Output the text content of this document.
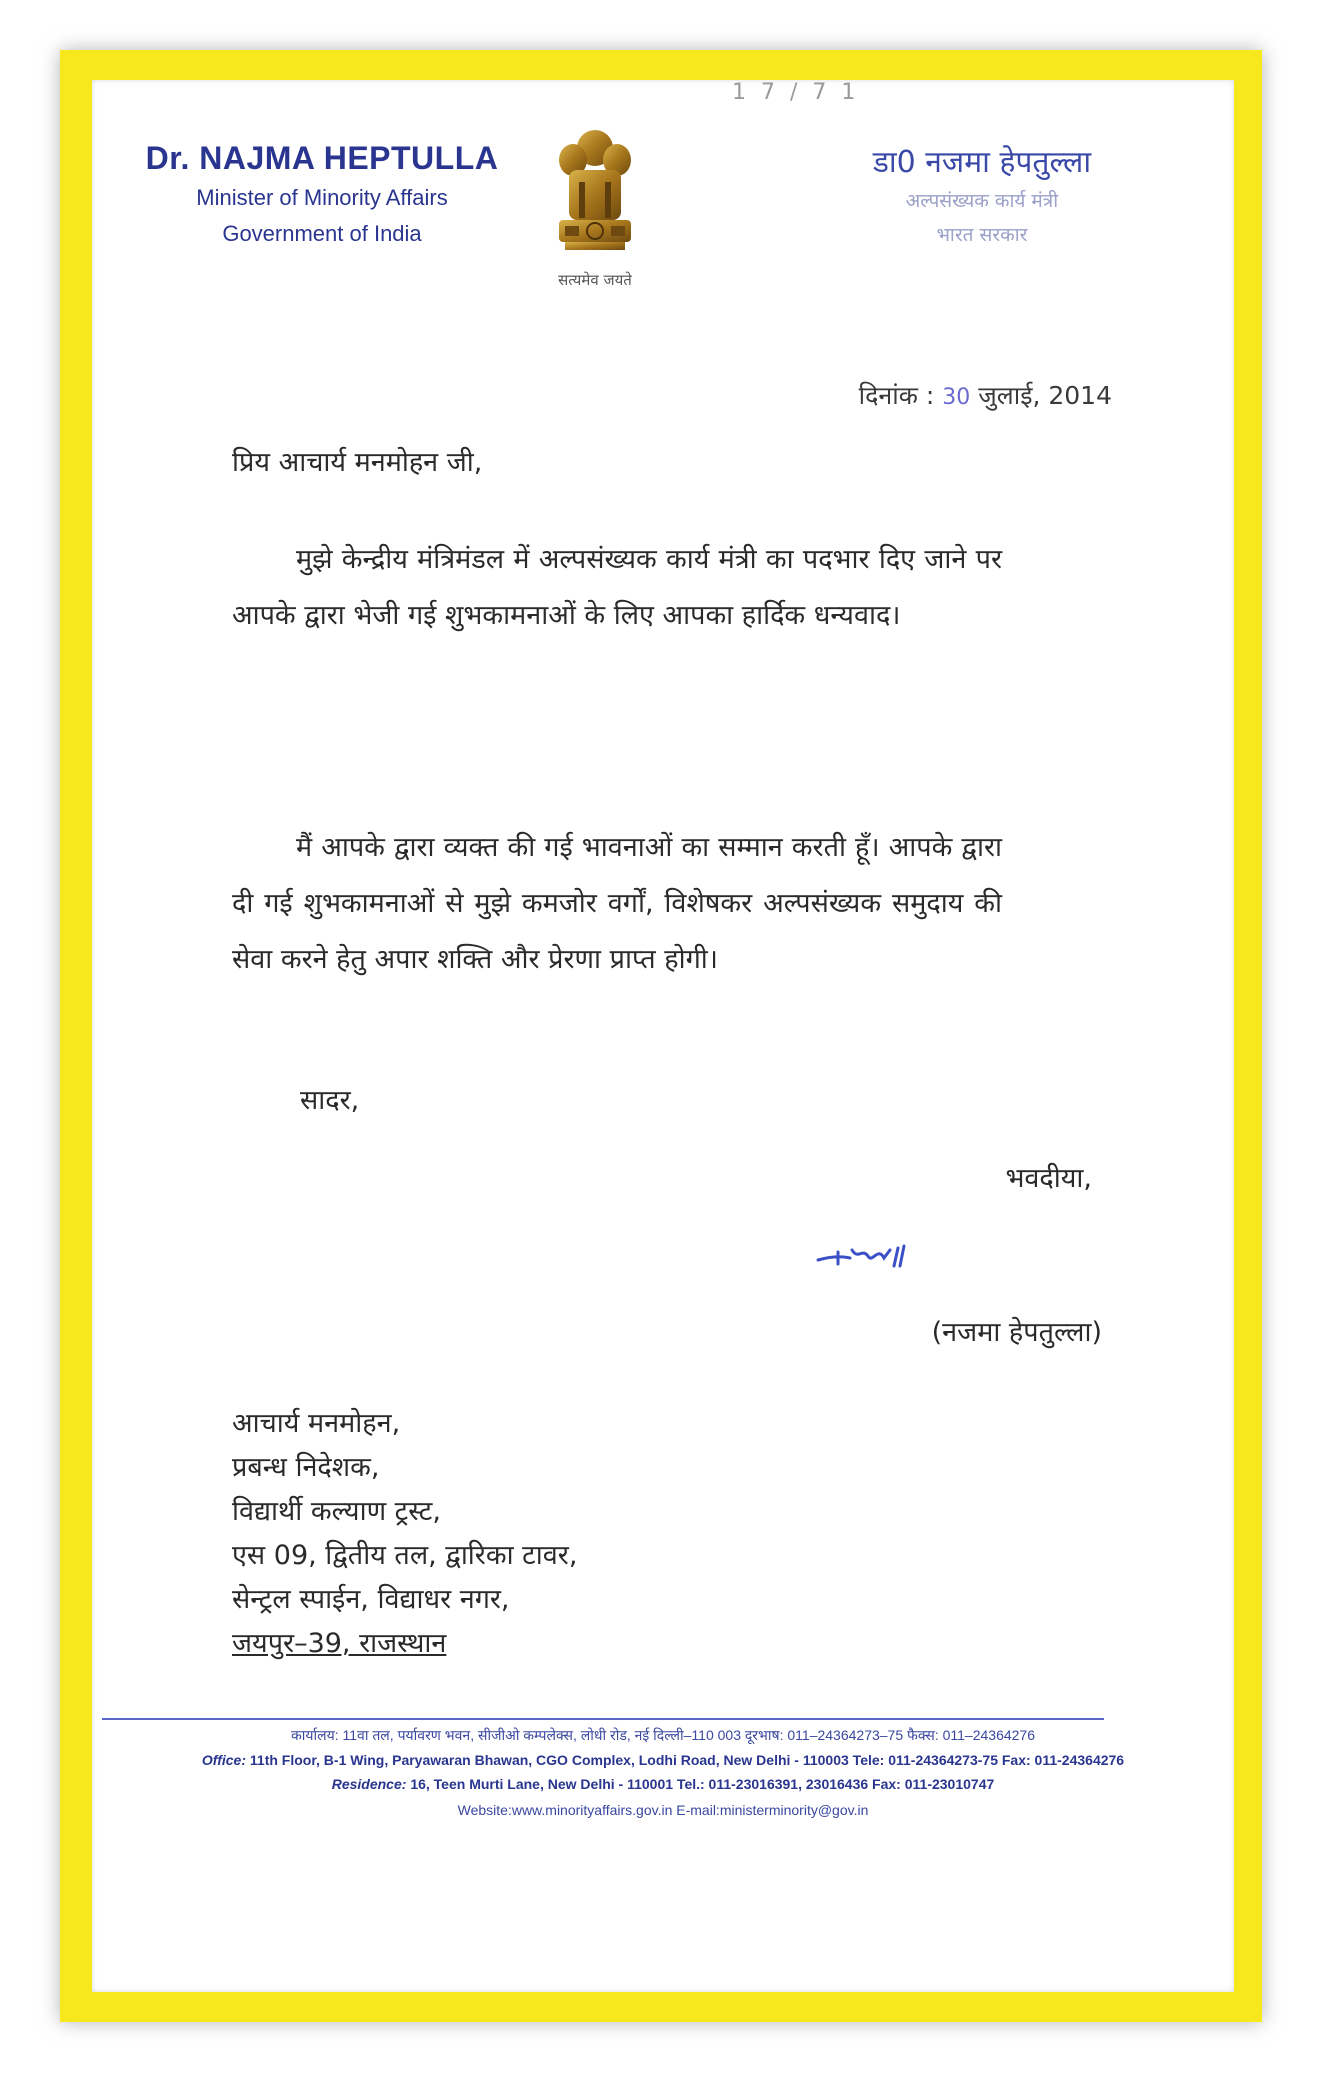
1 7 / 7 1
Dr. NAJMA HEPTULLA
Minister of Minority Affairs
Government of India
सत्यमेव जयते
डा0 नजमा हेपतुल्ला
अल्पसंख्यक कार्य मंत्री
भारत सरकार
दिनांक : 30 जुलाई, 2014
प्रिय आचार्य मनमोहन जी,
मुझे केन्द्रीय मंत्रिमंडल में अल्पसंख्यक कार्य मंत्री का पदभार दिए जाने पर आपके द्वारा भेजी गई शुभकामनाओं के लिए आपका हार्दिक धन्यवाद।
मैं आपके द्वारा व्यक्त की गई भावनाओं का सम्मान करती हूँ। आपके द्वारा दी गई शुभकामनाओं से मुझे कमजोर वर्गों, विशेषकर अल्पसंख्यक समुदाय की सेवा करने हेतु अपार शक्ति और प्रेरणा प्राप्त होगी।
सादर,
भवदीया,
(नजमा हेपतुल्ला)
आचार्य मनमोहन,
प्रबन्ध निदेशक,
विद्यार्थी कल्याण ट्रस्ट,
एस 09, द्वितीय तल, द्वारिका टावर,
सेन्ट्रल स्पाईन, विद्याधर नगर,
जयपुर–39, राजस्थान
कार्यालय: 11वा तल, पर्यावरण भवन, सीजीओ कम्पलेक्स, लोधी रोड, नई दिल्ली–110 003 दूरभाष: 011–24364273–75 फैक्स: 011–24364276
Office: 11th Floor, B-1 Wing, Paryawaran Bhawan, CGO Complex, Lodhi Road, New Delhi - 110003 Tele: 011-24364273-75 Fax: 011-24364276
Residence: 16, Teen Murti Lane, New Delhi - 110001 Tel.: 011-23016391, 23016436 Fax: 011-23010747
Website:www.minorityaffairs.gov.in E-mail:ministerminority@gov.in
